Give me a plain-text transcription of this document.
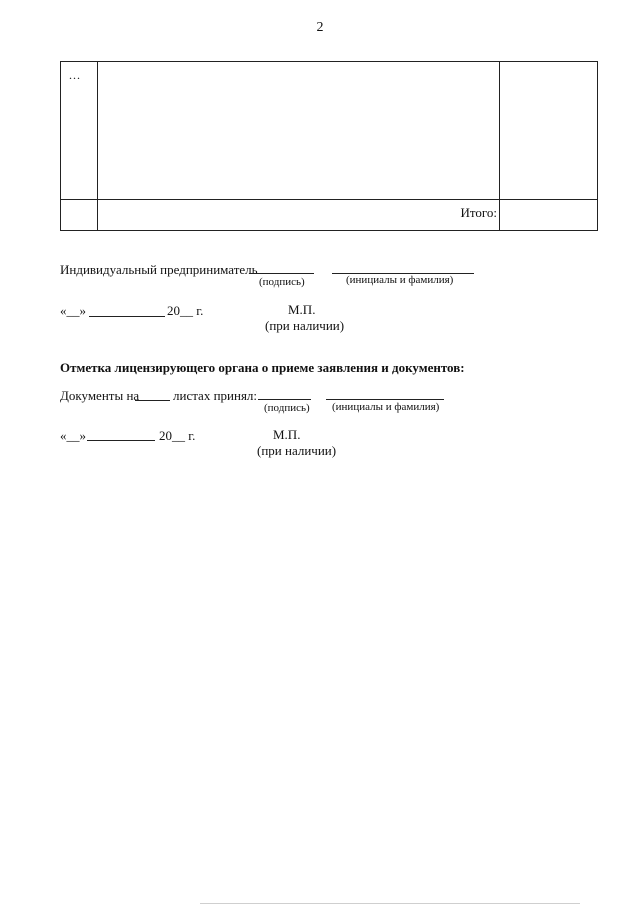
2
...		
	Итого:	
Индивидуальный предприниматель
(подпись)	(инициалы и фамилия)
«__»	20__ г.	М.П.
(при наличии)
Отметка лицензирующего органа о приеме заявления и документов:
Документы на	листах принял:
(подпись) (инициалы и фамилия)
«__»	20__ г.	М.П.
(при наличии)
